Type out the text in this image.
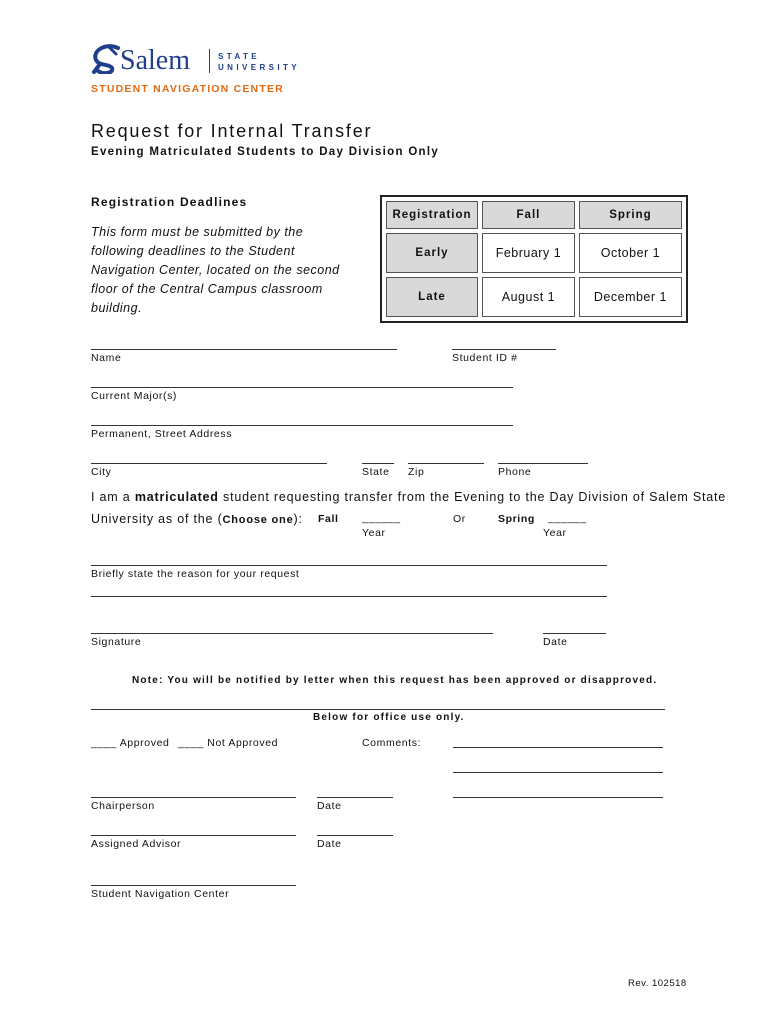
Salem	STATE
UNIVERSITY
STUDENT NAVIGATION CENTER
Request for Internal Transfer
Evening Matriculated Students to Day Division Only
Registration Deadlines
This form must be submitted by the following deadlines to the Student Navigation Center, located on the second floor of the Central Campus classroom building.
Registration	Fall	Spring
Early	February 1	October 1
Late	August 1	December 1
Name	Student ID #
Current Major(s)
Permanent, Street Address
City	State Zip	Phone
I am a matriculated student requesting transfer from the Evening to the Day Division of Salem State
University as of the (Choose one): Fall ______
Year
Or	Spring ______
Year
Briefly state the reason for your request
Signature	Date
Note: You will be notified by letter when this request has been approved or disapproved.
Below for office use only.
____ Approved ____ Not Approved	Comments:
Chairperson	Date
Assigned Advisor	Date
Student Navigation Center
Rev. 102518
